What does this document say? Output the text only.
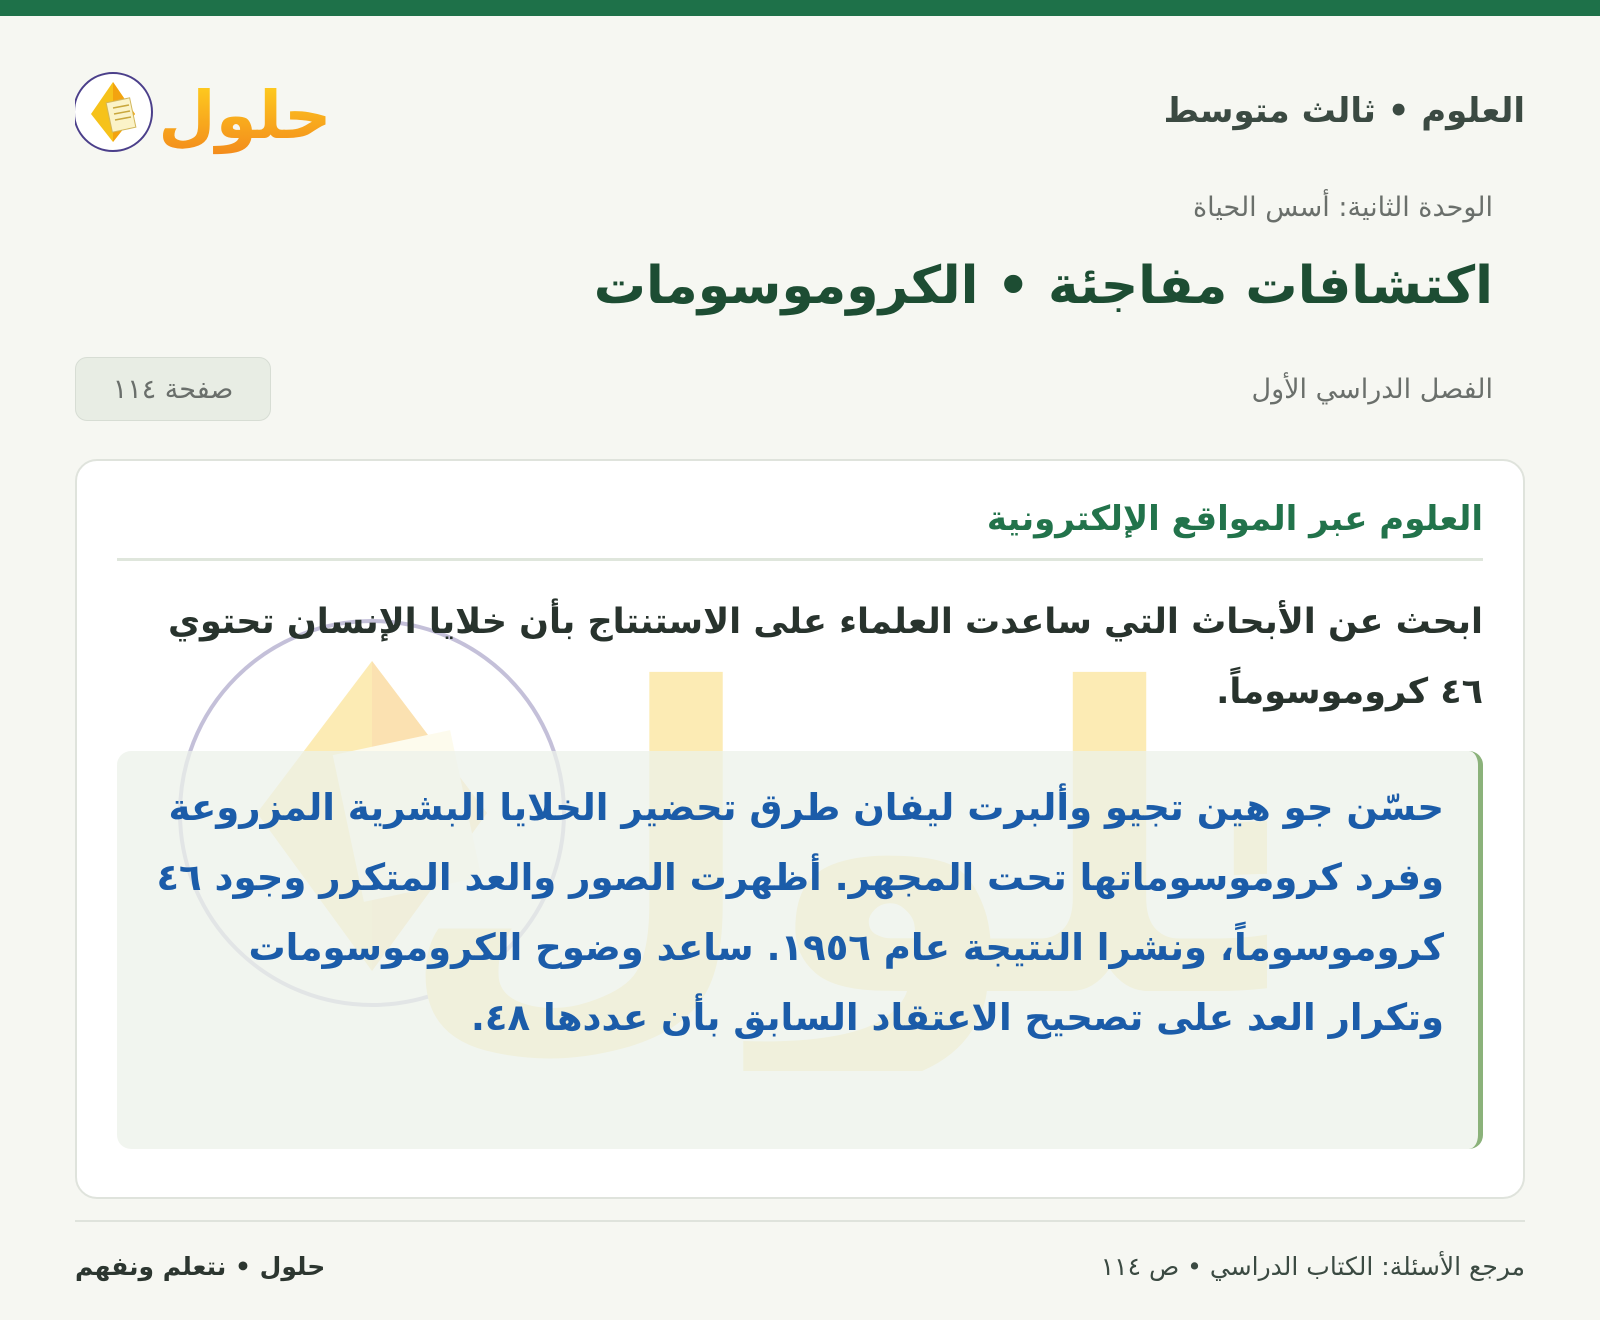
العلوم • ثالث متوسط
حلول
الوحدة الثانية: أسس الحياة
اكتشافات مفاجئة • الكروموسومات
الفصل الدراسي الأول
صفحة ١١٤
العلوم عبر المواقع الإلكترونية
ابحث عن الأبحاث التي ساعدت العلماء على الاستنتاج بأن خلايا الإنسان تحتوي ٤٦ كروموسوماً.
حسّن جو هين تجيو وألبرت ليفان طرق تحضير الخلايا البشرية المزروعة وفرد كروموسوماتها تحت المجهر. أظهرت الصور والعد المتكرر وجود ٤٦ كروموسوماً، ونشرا النتيجة عام ١٩٥٦. ساعد وضوح الكروموسومات وتكرار العد على تصحيح الاعتقاد السابق بأن عددها ٤٨.
مرجع الأسئلة: الكتاب الدراسي • ص ١١٤
حلول • نتعلم ونفهم
